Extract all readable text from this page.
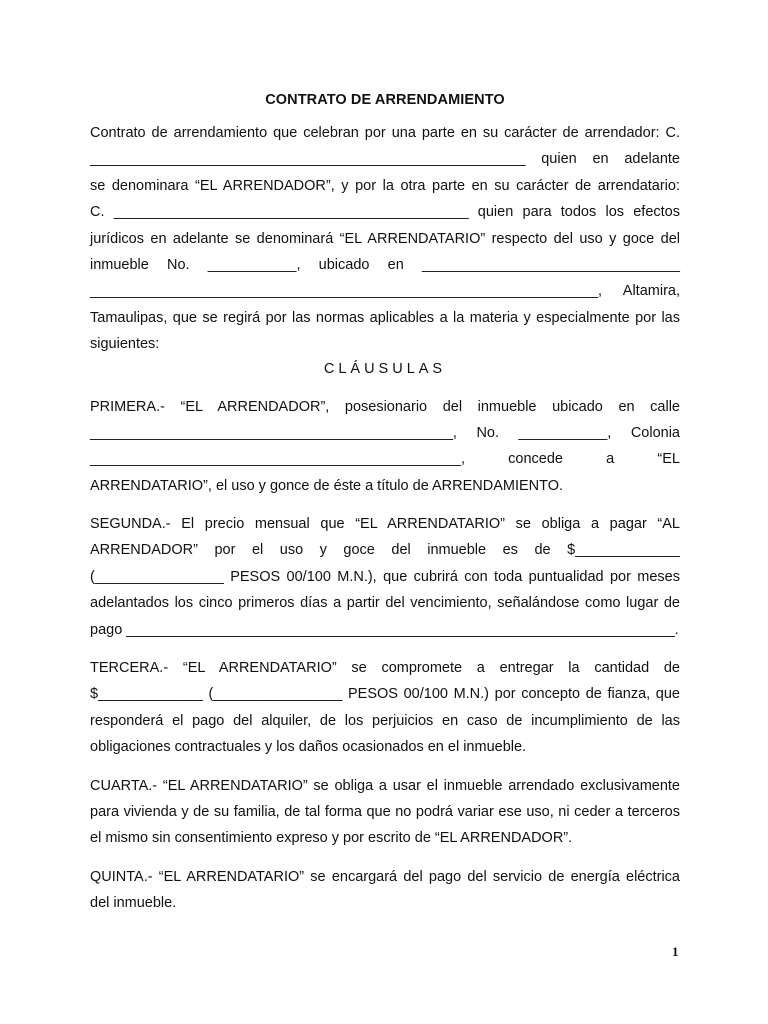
CONTRATO DE ARRENDAMIENTO
Contrato de arrendamiento que celebran por una parte en su carácter de arrendador: C.
______________________________________________________ quien en adelante
se denominara “EL ARRENDADOR”, y por la otra parte en su carácter de arrendatario:
C. ____________________________________________ quien para todos los efectos
jurídicos en adelante se denominará “EL ARRENDATARIO” respecto del uso y goce del
inmueble No. ___________, ubicado en ________________________________
_______________________________________________________________, Altamira,
Tamaulipas, que se regirá por las normas aplicables a la materia y especialmente por las
siguientes:
CLÁUSULAS
PRIMERA.- “EL ARRENDADOR”, posesionario del inmueble ubicado en calle
_____________________________________________, No. ___________, Colonia
______________________________________________, concede a “EL
ARRENDATARIO”, el uso y gonce de éste a título de ARRENDAMIENTO.
SEGUNDA.- El precio mensual que “EL ARRENDATARIO” se obliga a pagar “AL
ARRENDADOR” por el uso y goce del inmueble es de $_____________
(________________ PESOS 00/100 M.N.), que cubrirá con toda puntualidad por meses
adelantados los cinco primeros días a partir del vencimiento, señalándose como lugar de
pago ____________________________________________________________________.
TERCERA.- “EL ARRENDATARIO” se compromete a entregar la cantidad de
$_____________ (________________ PESOS 00/100 M.N.) por concepto de fianza, que
responderá el pago del alquiler, de los perjuicios en caso de incumplimiento de las
obligaciones contractuales y los daños ocasionados en el inmueble.
CUARTA.- “EL ARRENDATARIO” se obliga a usar el inmueble arrendado exclusivamente
para vivienda y de su familia, de tal forma que no podrá variar ese uso, ni ceder a terceros
el mismo sin consentimiento expreso y por escrito de “EL ARRENDADOR”.
QUINTA.- “EL ARRENDATARIO” se encargará del pago del servicio de energía eléctrica
del inmueble.
1
